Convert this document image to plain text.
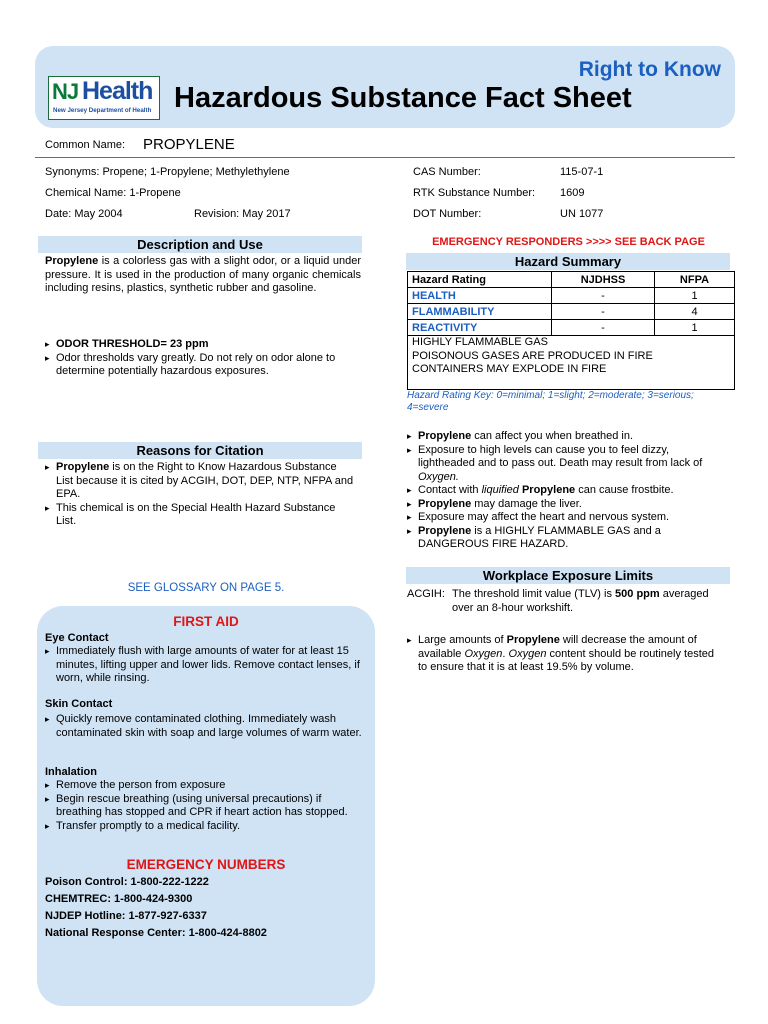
NJ Health
New Jersey Department of Health
Right to Know
Hazardous Substance Fact Sheet
Common Name: PROPYLENE
Synonyms: Propene; 1-Propylene; Methylethylene
Chemical Name: 1-Propene
Date: May 2004	Revision: May 2017
CAS Number:	115-07-1
RTK Substance Number: 1609
DOT Number:	UN 1077
Description and Use
Propylene is a colorless gas with a slight odor, or a liquid under pressure. It is used in the production of many organic chemicals including resins, plastics, synthetic rubber and gasoline.
▸ ODOR THRESHOLD= 23 ppm
▸ Odor thresholds vary greatly. Do not rely on odor alone to determine potentially hazardous exposures.
Reasons for Citation
▸ Propylene is on the Right to Know Hazardous Substance List because it is cited by ACGIH, DOT, DEP, NTP, NFPA and EPA.
▸ This chemical is on the Special Health Hazard Substance List.
SEE GLOSSARY ON PAGE 5.
FIRST AID
Eye Contact
▸ Immediately flush with large amounts of water for at least 15 minutes, lifting upper and lower lids. Remove contact lenses, if worn, while rinsing.
Skin Contact
▸ Quickly remove contaminated clothing. Immediately wash contaminated skin with soap and large volumes of warm water.
Inhalation
▸ Remove the person from exposure
▸ Begin rescue breathing (using universal precautions) if breathing has stopped and CPR if heart action has stopped.
▸ Transfer promptly to a medical facility.
EMERGENCY NUMBERS
Poison Control: 1-800-222-1222
CHEMTREC: 1-800-424-9300
NJDEP Hotline: 1-877-927-6337
National Response Center: 1-800-424-8802
EMERGENCY RESPONDERS >>>> SEE BACK PAGE
Hazard Summary
Hazard Rating	NJDHSS	NFPA
HEALTH	-	1
FLAMMABILITY	-	4
REACTIVITY	-	1

HIGHLY FLAMMABLE GAS
POISONOUS GASES ARE PRODUCED IN FIRE
CONTAINERS MAY EXPLODE IN FIRE		
Hazard Rating Key: 0=minimal; 1=slight; 2=moderate; 3=serious; 4=severe
▸ Propylene can affect you when breathed in.
▸ Exposure to high levels can cause you to feel dizzy, lightheaded and to pass out. Death may result from lack of Oxygen.
▸ Contact with liquified Propylene can cause frostbite.
▸ Propylene may damage the liver.
▸ Exposure may affect the heart and nervous system.
▸ Propylene is a HIGHLY FLAMMABLE GAS and a DANGEROUS FIRE HAZARD.
Workplace Exposure Limits
ACGIH: The threshold limit value (TLV) is 500 ppm averaged
over an 8-hour workshift.
▸ Large amounts of Propylene will decrease the amount of available Oxygen. Oxygen content should be routinely tested to ensure that it is at least 19.5% by volume.
